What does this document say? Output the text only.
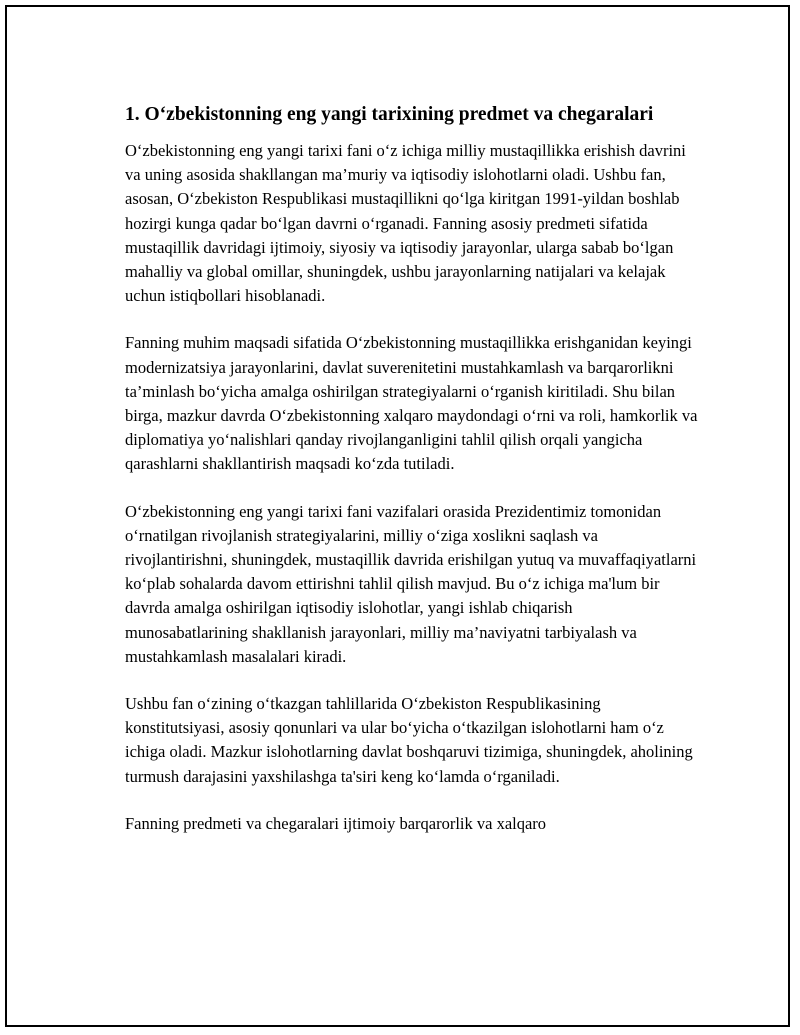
1. O‘zbekistonning eng yangi tarixining predmet va chegaralari

O‘zbekistonning eng yangi tarixi fani o‘z ichiga milliy mustaqillikka erishish davrini va uning asosida shakllangan ma’muriy va iqtisodiy islohotlarni oladi. Ushbu fan, asosan, O‘zbekiston Respublikasi mustaqillikni qo‘lga kiritgan 1991-yildan boshlab hozirgi kunga qadar bo‘lgan davrni o‘rganadi. Fanning asosiy predmeti sifatida mustaqillik davridagi ijtimoiy, siyosiy va iqtisodiy jarayonlar, ularga sabab bo‘lgan mahalliy va global omillar, shuningdek, ushbu jarayonlarning natijalari va kelajak uchun istiqbollari hisoblanadi.

Fanning muhim maqsadi sifatida O‘zbekistonning mustaqillikka erishganidan keyingi modernizatsiya jarayonlarini, davlat suverenitetini mustahkamlash va barqarorlikni ta’minlash bo‘yicha amalga oshirilgan strategiyalarni o‘rganish kiritiladi. Shu bilan birga, mazkur davrda O‘zbekistonning xalqaro maydondagi o‘rni va roli, hamkorlik va diplomatiya yo‘nalishlari qanday rivojlanganligini tahlil qilish orqali yangicha qarashlarni shakllantirish maqsadi ko‘zda tutiladi.

O‘zbekistonning eng yangi tarixi fani vazifalari orasida Prezidentimiz tomonidan o‘rnatilgan rivojlanish strategiyalarini, milliy o‘ziga xoslikni saqlash va rivojlantirishni, shuningdek, mustaqillik davrida erishilgan yutuq va muvaffaqiyatlarni ko‘plab sohalarda davom ettirishni tahlil qilish mavjud. Bu o‘z ichiga ma'lum bir davrda amalga oshirilgan iqtisodiy islohotlar, yangi ishlab chiqarish munosabatlarining shakllanish jarayonlari, milliy ma’naviyatni tarbiyalash va mustahkamlash masalalari kiradi.

Ushbu fan o‘zining o‘tkazgan tahlillarida O‘zbekiston Respublikasining konstitutsiyasi, asosiy qonunlari va ular bo‘yicha o‘tkazilgan islohotlarni ham o‘z ichiga oladi. Mazkur islohotlarning davlat boshqaruvi tizimiga, shuningdek, aholining turmush darajasini yaxshilashga ta'siri keng ko‘lamda o‘rganiladi.

Fanning predmeti va chegaralari ijtimoiy barqarorlik va xalqaro
